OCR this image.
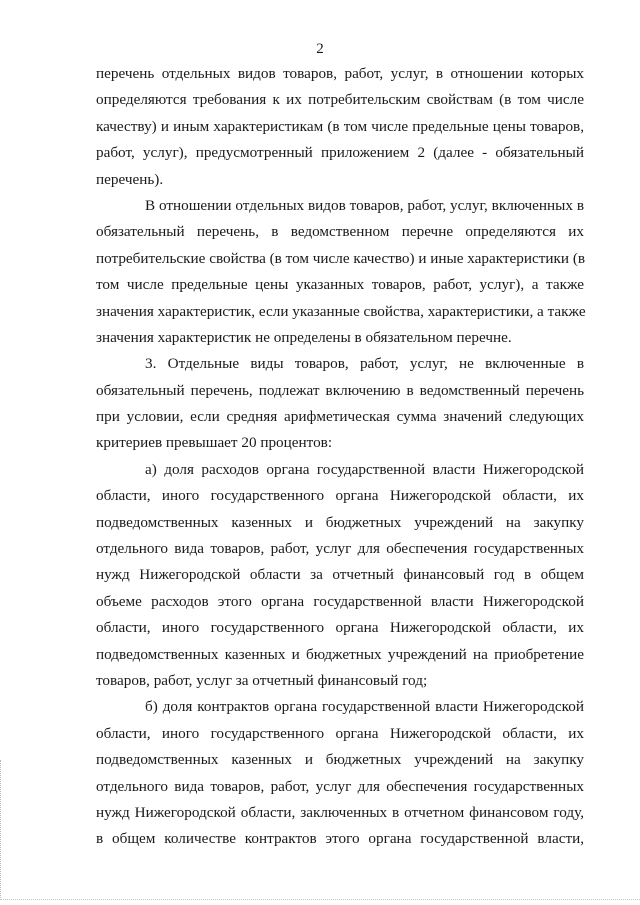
2
перечень отдельных видов товаров, работ, услуг, в отношении которых
определяются требования к их потребительским свойствам (в том числе
качеству) и иным характеристикам (в том числе предельные цены товаров,
работ, услуг), предусмотренный приложением 2 (далее - обязательный
перечень).
В отношении отдельных видов товаров, работ, услуг, включенных в
обязательный перечень, в ведомственном перечне определяются их
потребительские свойства (в том числе качество) и иные характеристики (в
том числе предельные цены указанных товаров, работ, услуг), а также
значения характеристик, если указанные свойства, характеристики, а также
значения характеристик не определены в обязательном перечне.
3. Отдельные виды товаров, работ, услуг, не включенные в
обязательный перечень, подлежат включению в ведомственный перечень
при условии, если средняя арифметическая сумма значений следующих
критериев превышает 20 процентов:
а) доля расходов органа государственной власти Нижегородской
области, иного государственного органа Нижегородской области, их
подведомственных казенных и бюджетных учреждений на закупку
отдельного вида товаров, работ, услуг для обеспечения государственных
нужд Нижегородской области за отчетный финансовый год в общем
объеме расходов этого органа государственной власти Нижегородской
области, иного государственного органа Нижегородской области, их
подведомственных казенных и бюджетных учреждений на приобретение
товаров, работ, услуг за отчетный финансовый год;
б) доля контрактов органа государственной власти Нижегородской
области, иного государственного органа Нижегородской области, их
подведомственных казенных и бюджетных учреждений на закупку
отдельного вида товаров, работ, услуг для обеспечения государственных
нужд Нижегородской области, заключенных в отчетном финансовом году,
в общем количестве контрактов этого органа государственной власти,
